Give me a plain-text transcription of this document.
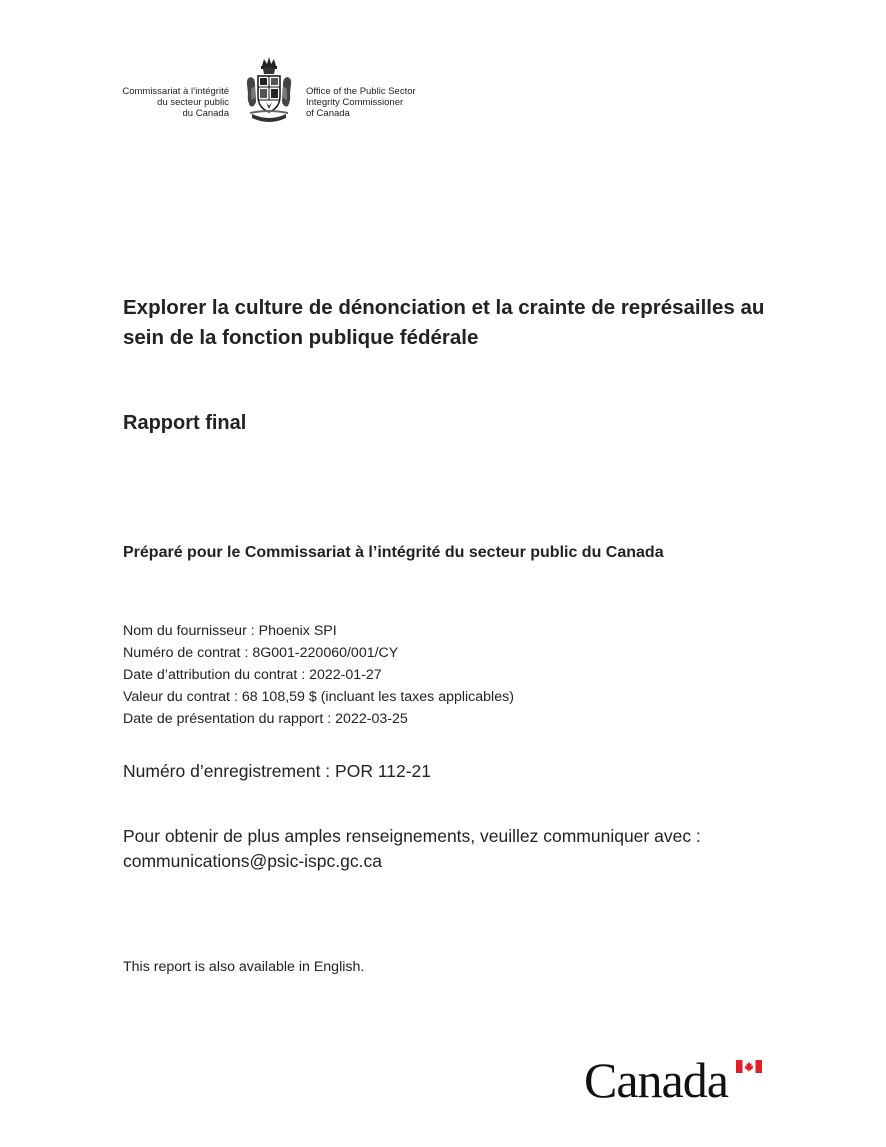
Commissariat à l’intégrité
du secteur public
du Canada
Office of the Public Sector
Integrity Commissioner
of Canada
Explorer la culture de dénonciation et la crainte de représailles au
sein de la fonction publique fédérale
Rapport final
Préparé pour le Commissariat à l’intégrité du secteur public du Canada
Nom du fournisseur : Phoenix SPI
Numéro de contrat : 8G001-220060/001/CY
Date d’attribution du contrat : 2022-01-27
Valeur du contrat : 68 108,59 $ (incluant les taxes applicables)
Date de présentation du rapport : 2022-03-25
Numéro d’enregistrement : POR 112-21
Pour obtenir de plus amples renseignements, veuillez communiquer avec :
communications@psic-ispc.gc.ca
This report is also available in English.
Canada
